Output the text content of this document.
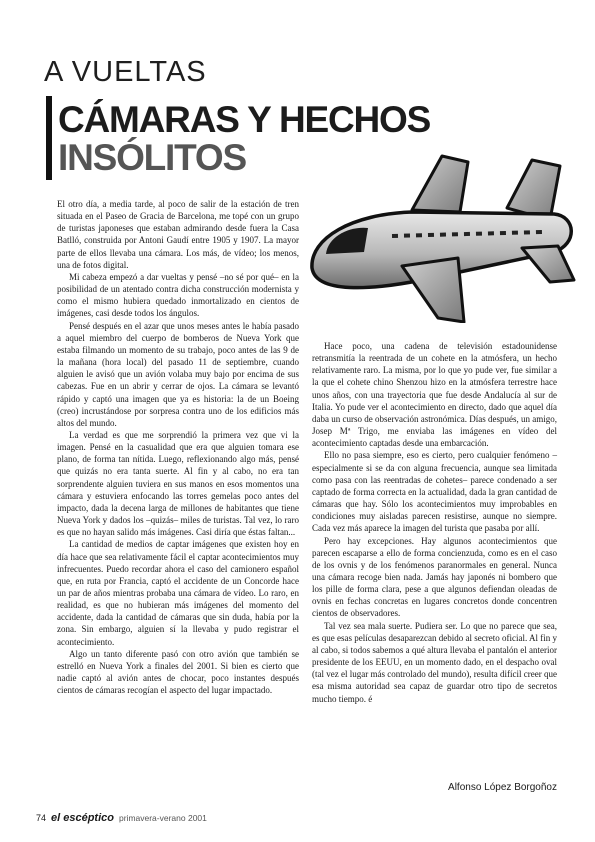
A VUELTAS
CÁMARAS Y HECHOS
INSÓLITOS

El otro día, a media tarde, al poco de salir de la estación de tren situada en el Paseo de Gracia de Barcelona, me topé con un grupo de turistas japoneses que estaban admirando desde fuera la Casa Batlló, construida por Antoni Gaudí entre 1905 y 1907. La mayor parte de ellos llevaba una cámara. Los más, de vídeo; los menos, una de fotos digital.

Mi cabeza empezó a dar vueltas y pensé –no sé por qué– en la posibilidad de un atentado contra dicha construcción modernista y como el mismo hubiera quedado inmortalizado en cientos de imágenes, casi desde todos los ángulos.

Pensé después en el azar que unos meses antes le había pasado a aquel miembro del cuerpo de bomberos de Nueva York que estaba filmando un momento de su trabajo, poco antes de las 9 de la mañana (hora local) del pasado 11 de septiembre, cuando alguien le avisó que un avión volaba muy bajo por encima de sus cabezas. Fue en un abrir y cerrar de ojos. La cámara se levantó rápido y captó una imagen que ya es historia: la de un Boeing (creo) incrustándose por sorpresa contra uno de los edificios más altos del mundo.

La verdad es que me sorprendió la primera vez que vi la imagen. Pensé en la casualidad que era que alguien tomara ese plano, de forma tan nítida. Luego, reflexionando algo más, pensé que quizás no era tanta suerte. Al fin y al cabo, no era tan sorprendente alguien tuviera en sus manos en esos momentos una cámara y estuviera enfocando las torres gemelas poco antes del impacto, dada la decena larga de millones de habitantes que tiene Nueva York y dados los –quizás– miles de turistas. Tal vez, lo raro es que no hayan salido más imágenes. Casi diría que éstas faltan...

La cantidad de medios de captar imágenes que existen hoy en día hace que sea relativamente fácil el captar acontecimientos muy infrecuentes. Puedo recordar ahora el caso del camionero español que, en ruta por Francia, captó el accidente de un Concorde hace un par de años mientras probaba una cámara de vídeo. Lo raro, en realidad, es que no hubieran más imágenes del momento del accidente, dada la cantidad de cámaras que sin duda, había por la zona. Sin embargo, alguien sí la llevaba y pudo registrar el acontecimiento.

Algo un tanto diferente pasó con otro avión que también se estrelló en Nueva York a finales del 2001. Si bien es cierto que nadie captó al avión antes de chocar, poco instantes después cientos de cámaras recogían el aspecto del lugar impactado.

Hace poco, una cadena de televisión estadounidense retransmitía la reentrada de un cohete en la atmósfera, un hecho relativamente raro. La misma, por lo que yo pude ver, fue similar a la que el cohete chino Shenzou hizo en la atmósfera terrestre hace unos años, con una trayectoria que fue desde Andalucía al sur de Italia. Yo pude ver el acontecimiento en directo, dado que aquel día daba un curso de observación astronómica. Días después, un amigo, Josep Mª Trigo, me enviaba las imágenes en vídeo del acontecimiento captadas desde una embarcación.

Ello no pasa siempre, eso es cierto, pero cualquier fenómeno –especialmente si se da con alguna frecuencia, aunque sea limitada como pasa con las reentradas de cohetes– parece condenado a ser captado de forma correcta en la actualidad, dada la gran cantidad de cámaras que hay. Sólo los acontecimientos muy improbables en condiciones muy aisladas parecen resistirse, aunque no siempre. Cada vez más aparece la imagen del turista que pasaba por allí.

Pero hay excepciones. Hay algunos acontecimientos que parecen escaparse a ello de forma concienzuda, como es en el caso de los ovnis y de los fenómenos paranormales en general. Nunca una cámara recoge bien nada. Jamás hay japonés ni bombero que los pille de forma clara, pese a que algunos defiendan oleadas de ovnis en fechas concretas en lugares concretos donde concentren cientos de observadores.

Tal vez sea mala suerte. Pudiera ser. Lo que no parece que sea, es que esas películas desaparezcan debido al secreto oficial. Al fin y al cabo, si todos sabemos a qué altura llevaba el pantalón el anterior presidente de los EEUU, en un momento dado, en el despacho oval (tal vez el lugar más controlado del mundo), resulta difícil creer que esa misma autoridad sea capaz de guardar otro tipo de secretos mucho tiempo. é

Alfonso López Borgoñoz
74 el escéptico primavera-verano 2001
